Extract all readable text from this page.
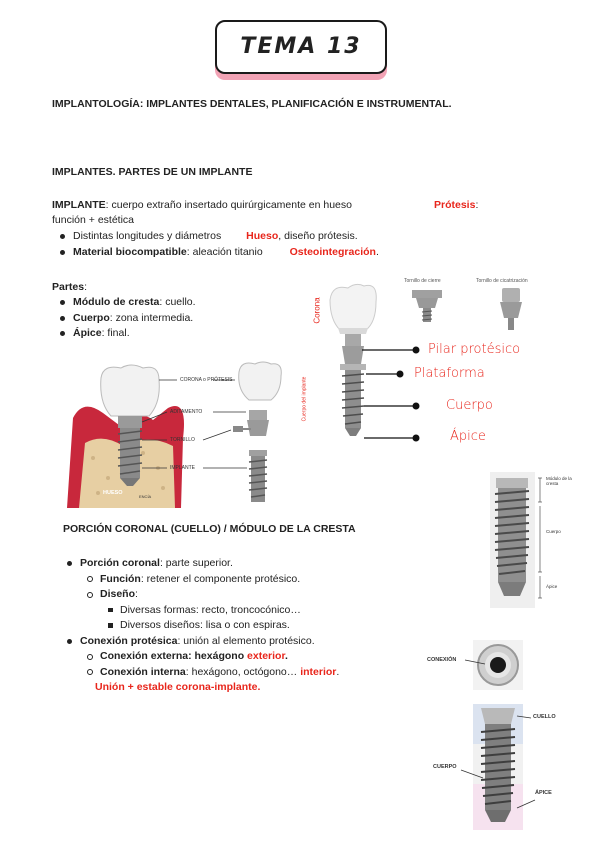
TEMA 13
IMPLANTOLOGÍA: IMPLANTES DENTALES, PLANIFICACIÓN E INSTRUMENTAL.
IMPLANTES. PARTES DE UN IMPLANTE
IMPLANTE: cuerpo extraño insertado quirúrgicamente en hueso	Prótesis:
función + estética
Distintas longitudes y diámetros Hueso, diseño prótesis.
Material biocompatible: aleación titanio	Osteointegración.
Partes:
Módulo de cresta: cuello.
Cuerpo: zona intermedia.
Ápice: final.
CORONA o PRÓTESIS
ADITAMENTO
TORNILLO
IMPLANTE
HUESO
ENCÍA
Corona
Cuerpo del implante
Tornillo de cierre	Tornillo de cicatrización
Pilar protésico
Plataforma
Cuerpo
Ápice
PORCIÓN CORONAL (CUELLO) / MÓDULO DE LA CRESTA
Porción coronal: parte superior.
Función: retener el componente protésico.
Diseño:
Diversas formas: recto, troncocónico…
Diversos diseños: lisa o con espiras.
Conexión protésica: unión al elemento protésico.
Conexión externa: hexágono exterior.
Conexión interna: hexágono, octógono… interior.
Unión + estable corona-implante.
Módulo de la cresta
Cuerpo
Ápice
CONEXIÓN
CUELLO
CUERPO
ÁPICE
